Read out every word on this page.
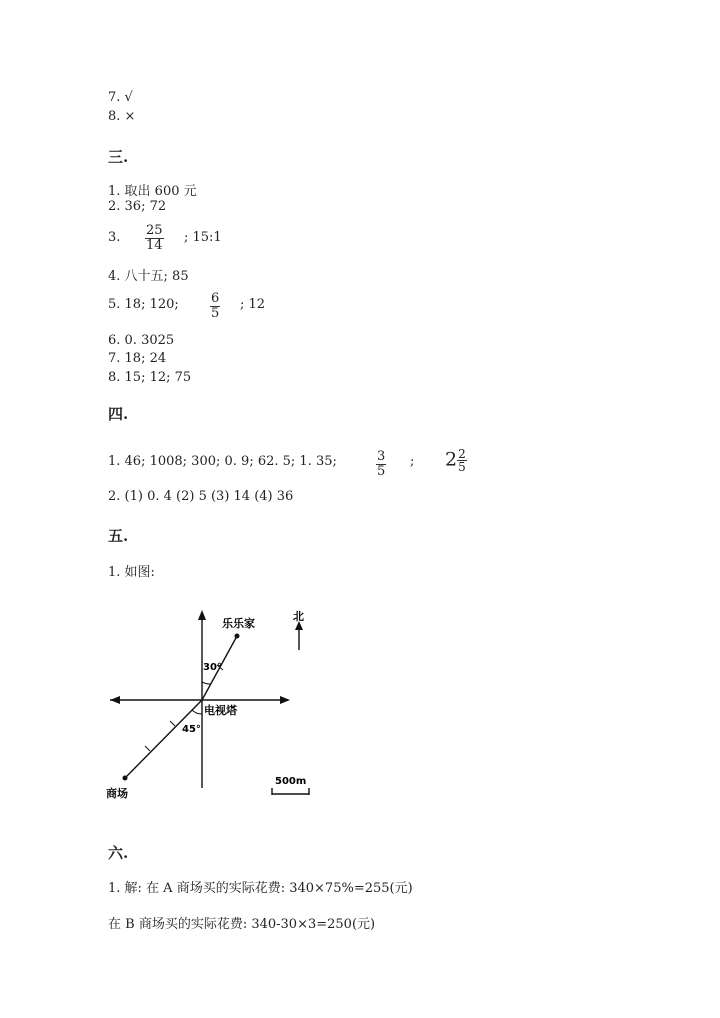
7. √
8. ×
三.
1. 取出 600 元
2. 36; 72
3. $\frac{25}{14}$ ; 15:1
4. 八十五; 85
5. 18; 120; $\frac{6}{5}$ ; 12
6. 0. 3025
7. 18; 24
8. 15; 12; 75
四.
1. 46; 1008; 300; 0. 9; 62. 5; 1. 35;	$\frac{3}{5}$ ; $2 \frac{2}{5}$
2. (1) 0. 4 (2) 5 (3) 14 (4) 36
五.
1. 如图:
乐乐家
北
电视塔
商场
30°
45°
500m
六.
1. 解: 在 A 商场买的实际花费: 340×75%=255(元)
在 B 商场买的实际花费: 340-30×3=250(元)
